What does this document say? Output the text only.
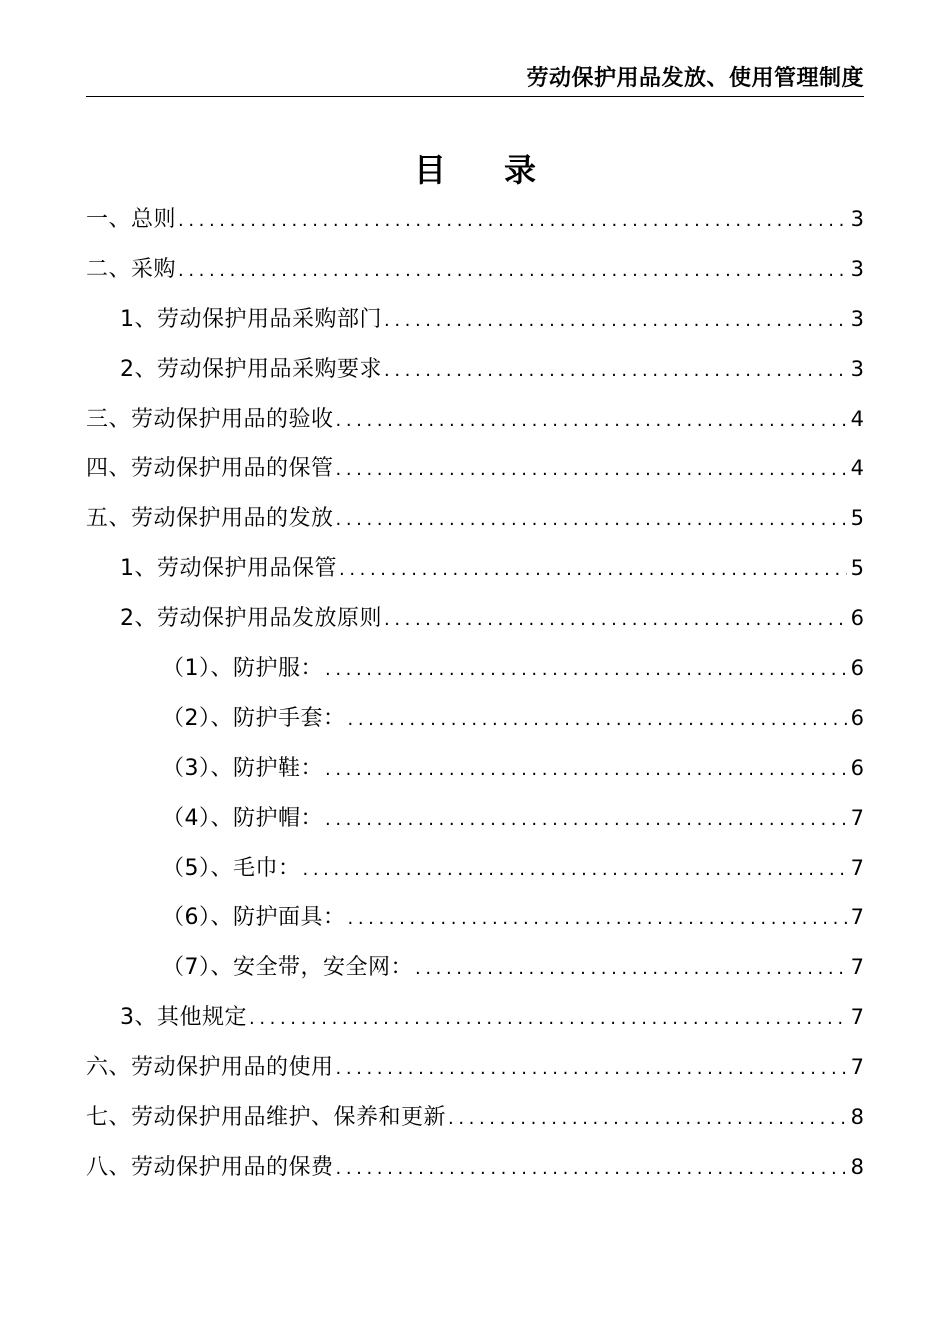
劳动保护用品发放、使用管理制度
目录
一、总则 .....	3
二、采购 .....	3
1、劳动保护用品采购部门 .....	3
2、劳动保护用品采购要求 .....	3
三、劳动保护用品的验收 .....	4
四、劳动保护用品的保管 .....	4
五、劳动保护用品的发放 .....	5
1、劳动保护用品保管 .....	5
2、劳动保护用品发放原则 .....	6
（1）、防护服： .....	6
（2）、防护手套： .....	6
（3）、防护鞋： .....	6
（4）、防护帽： .....	7
（5）、毛巾： .....	7
（6）、防护面具： .....	7
（7）、安全带，安全网： .....	7
3、其他规定 .....	7
六、劳动保护用品的使用 .....	7
七、劳动保护用品维护、保养和更新 .....	8
八、劳动保护用品的保费 .....	8
